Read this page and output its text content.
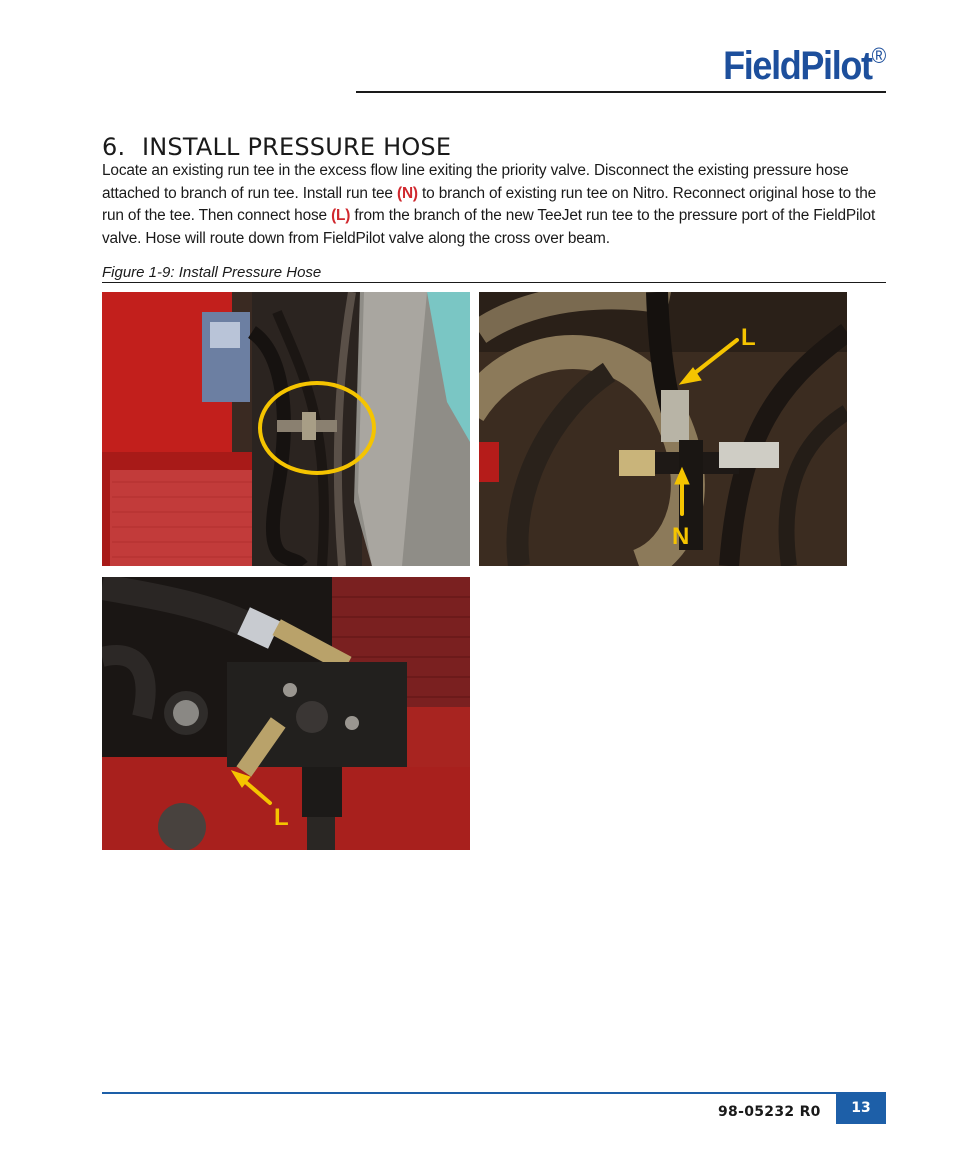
FieldPilot®
6. INSTALL PRESSURE HOSE
Locate an existing run tee in the excess flow line exiting the priority valve. Disconnect the existing pressure hose attached to branch of run tee. Install run tee (N) to branch of existing run tee on Nitro. Reconnect original hose to the run of the tee. Then connect hose (L) from the branch of the new TeeJet run tee to the pressure port of the FieldPilot valve. Hose will route down from FieldPilot valve along the cross over beam.
Figure 1-9: Install Pressure Hose
L
N
L
98-05232 R0	13
